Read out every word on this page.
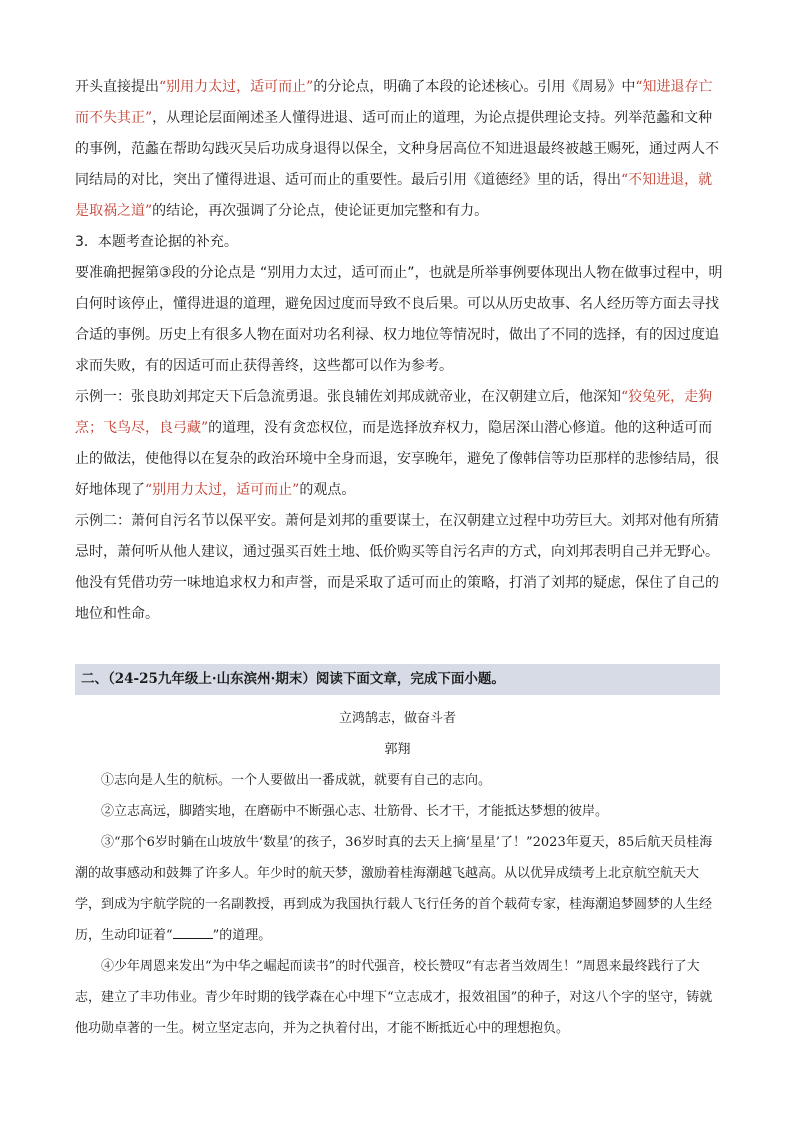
开头直接提出“别用力太过，适可而止”的分论点，明确了本段的论述核心。引用《周易》中“知进退存亡而不失其正”，从理论层面阐述圣人懂得进退、适可而止的道理，为论点提供理论支持。列举范蠡和文种的事例，范蠡在帮助勾践灭吴后功成身退得以保全，文种身居高位不知进退最终被越王赐死，通过两人不同结局的对比，突出了懂得进退、适可而止的重要性。最后引用《道德经》里的话，得出“不知进退，就是取祸之道”的结论，再次强调了分论点，使论证更加完整和有力。

3．本题考查论据的补充。

要准确把握第③段的分论点是 “别用力太过，适可而止”，也就是所举事例要体现出人物在做事过程中，明白何时该停止，懂得进退的道理，避免因过度而导致不良后果。可以从历史故事、名人经历等方面去寻找合适的事例。历史上有很多人物在面对功名利禄、权力地位等情况时，做出了不同的选择，有的因过度追求而失败，有的因适可而止获得善终，这些都可以作为参考。

示例一：张良助刘邦定天下后急流勇退。张良辅佐刘邦成就帝业，在汉朝建立后，他深知“狡兔死，走狗烹；飞鸟尽，良弓藏”的道理，没有贪恋权位，而是选择放弃权力，隐居深山潜心修道。他的这种适可而止的做法，使他得以在复杂的政治环境中全身而退，安享晚年，避免了像韩信等功臣那样的悲惨结局，很好地体现了“别用力太过，适可而止”的观点。

示例二：萧何自污名节以保平安。萧何是刘邦的重要谋士，在汉朝建立过程中功劳巨大。刘邦对他有所猜忌时，萧何听从他人建议，通过强买百姓土地、低价购买等自污名声的方式，向刘邦表明自己并无野心。他没有凭借功劳一味地追求权力和声誉，而是采取了适可而止的策略，打消了刘邦的疑虑，保住了自己的地位和性命。

二、（24-25九年级上·山东滨州·期末）阅读下面文章，完成下面小题。

立鸿鹄志，做奋斗者

郭翔

①志向是人生的航标。一个人要做出一番成就，就要有自己的志向。

②立志高远，脚踏实地，在磨砺中不断强心志、壮筋骨、长才干，才能抵达梦想的彼岸。

③“那个6岁时躺在山坡放牛‘数星’的孩子，36岁时真的去天上摘‘星星’了！”2023年夏天，85后航天员桂海潮的故事感动和鼓舞了许多人。年少时的航天梦，激励着桂海潮越飞越高。从以优异成绩考上北京航空航天大学，到成为宇航学院的一名副教授，再到成为我国执行载人飞行任务的首个载荷专家，桂海潮追梦圆梦的人生经历，生动印证着“	”的道理。

④少年周恩来发出“为中华之崛起而读书”的时代强音，校长赞叹“有志者当效周生！”周恩来最终践行了大志，建立了丰功伟业。青少年时期的钱学森在心中埋下“立志成才，报效祖国”的种子，对这八个字的坚守，铸就他功勋卓著的一生。树立坚定志向，并为之执着付出，才能不断抵近心中的理想抱负。
